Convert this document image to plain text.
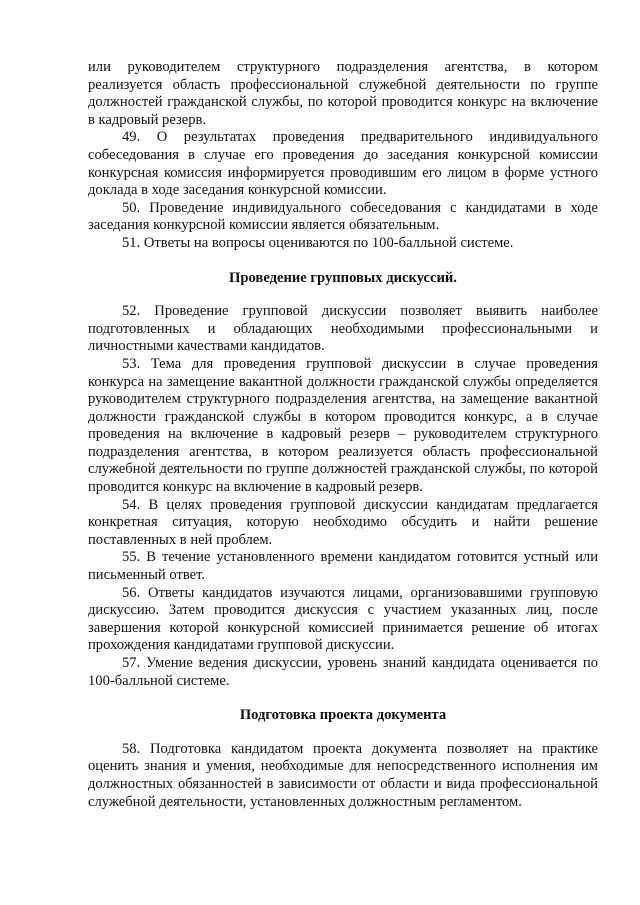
или руководителем структурного подразделения агентства, в котором реализуется область профессиональной служебной деятельности по группе должностей гражданской службы, по которой проводится конкурс на включение в кадровый резерв.

49. О результатах проведения предварительного индивидуального собеседования в случае его проведения до заседания конкурсной комиссии конкурсная комиссия информируется проводившим его лицом в форме устного доклада в ходе заседания конкурсной комиссии.

50. Проведение индивидуального собеседования с кандидатами в ходе заседания конкурсной комиссии является обязательным.

51. Ответы на вопросы оцениваются по 100-балльной системе.

Проведение групповых дискуссий.

52. Проведение групповой дискуссии позволяет выявить наиболее подготовленных и обладающих необходимыми профессиональными и личностными качествами кандидатов.

53. Тема для проведения групповой дискуссии в случае проведения конкурса на замещение вакантной должности гражданской службы определяется руководителем структурного подразделения агентства, на замещение вакантной должности гражданской службы в котором проводится конкурс, а в случае проведения на включение в кадровый резерв – руководителем структурного подразделения агентства, в котором реализуется область профессиональной служебной деятельности по группе должностей гражданской службы, по которой проводится конкурс на включение в кадровый резерв.

54. В целях проведения групповой дискуссии кандидатам предлагается конкретная ситуация, которую необходимо обсудить и найти решение поставленных в ней проблем.

55. В течение установленного времени кандидатом готовится устный или письменный ответ.

56. Ответы кандидатов изучаются лицами, организовавшими групповую дискуссию. Затем проводится дискуссия с участием указанных лиц, после завершения которой конкурсной комиссией принимается решение об итогах прохождения кандидатами групповой дискуссии.

57. Умение ведения дискуссии, уровень знаний кандидата оценивается по 100-балльной системе.

Подготовка проекта документа

58. Подготовка кандидатом проекта документа позволяет на практике оценить знания и умения, необходимые для непосредственного исполнения им должностных обязанностей в зависимости от области и вида профессиональной служебной деятельности, установленных должностным регламентом.
